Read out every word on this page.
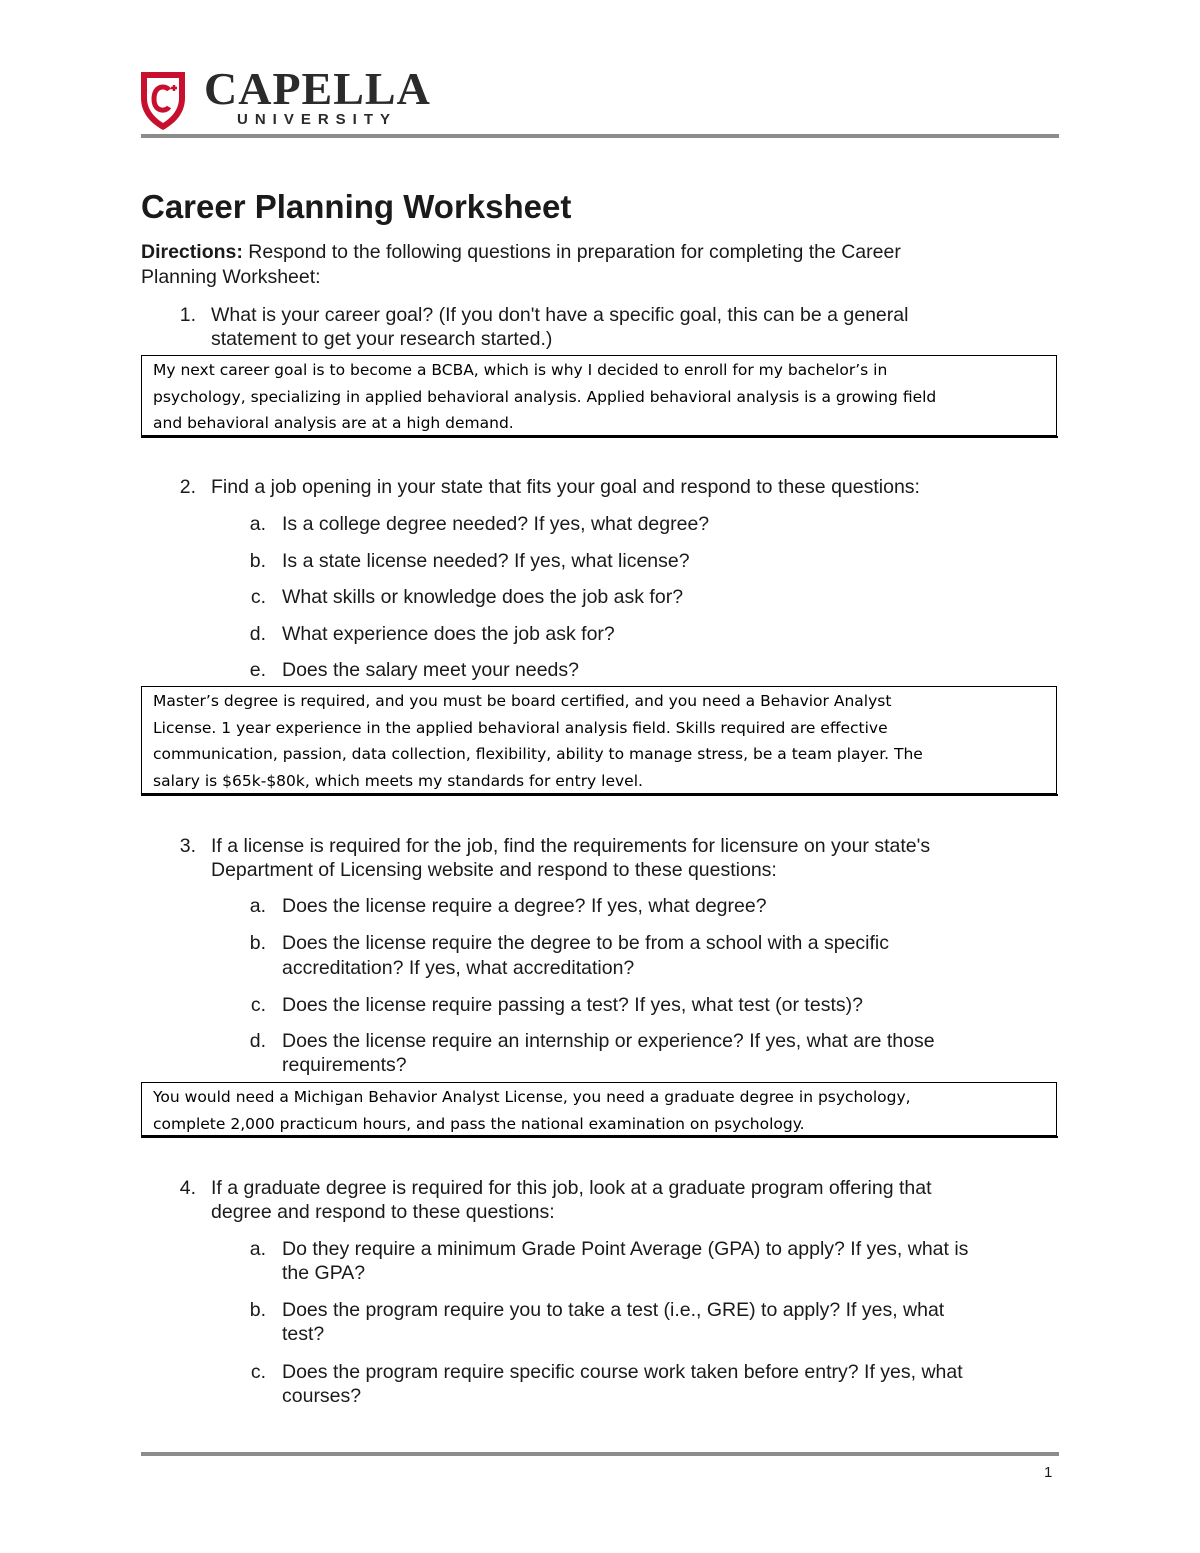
CAPELLA
UNIVERSITY
Career Planning Worksheet
Directions: Respond to the following questions in preparation for completing the Career
Planning Worksheet:
1. What is your career goal? (If you don't have a specific goal, this can be a general
statement to get your research started.)
My next career goal is to become a BCBA, which is why I decided to enroll for my bachelor’s in
psychology, specializing in applied behavioral analysis. Applied behavioral analysis is a growing field
and behavioral analysis are at a high demand.
2. Find a job opening in your state that fits your goal and respond to these questions:
a. Is a college degree needed? If yes, what degree?
b. Is a state license needed? If yes, what license?
c. What skills or knowledge does the job ask for?
d. What experience does the job ask for?
e. Does the salary meet your needs?
Master’s degree is required, and you must be board certified, and you need a Behavior Analyst
License. 1 year experience in the applied behavioral analysis field. Skills required are effective
communication, passion, data collection, flexibility, ability to manage stress, be a team player. The
salary is $65k-$80k, which meets my standards for entry level.
3. If a license is required for the job, find the requirements for licensure on your state's
Department of Licensing website and respond to these questions:
a. Does the license require a degree? If yes, what degree?
b. Does the license require the degree to be from a school with a specific
accreditation? If yes, what accreditation?
c. Does the license require passing a test? If yes, what test (or tests)?
d. Does the license require an internship or experience? If yes, what are those
requirements?
You would need a Michigan Behavior Analyst License, you need a graduate degree in psychology,
complete 2,000 practicum hours, and pass the national examination on psychology.
4. If a graduate degree is required for this job, look at a graduate program offering that
degree and respond to these questions:
a. Do they require a minimum Grade Point Average (GPA) to apply? If yes, what is
the GPA?
b. Does the program require you to take a test (i.e., GRE) to apply? If yes, what
test?
c. Does the program require specific course work taken before entry? If yes, what
courses?
1
